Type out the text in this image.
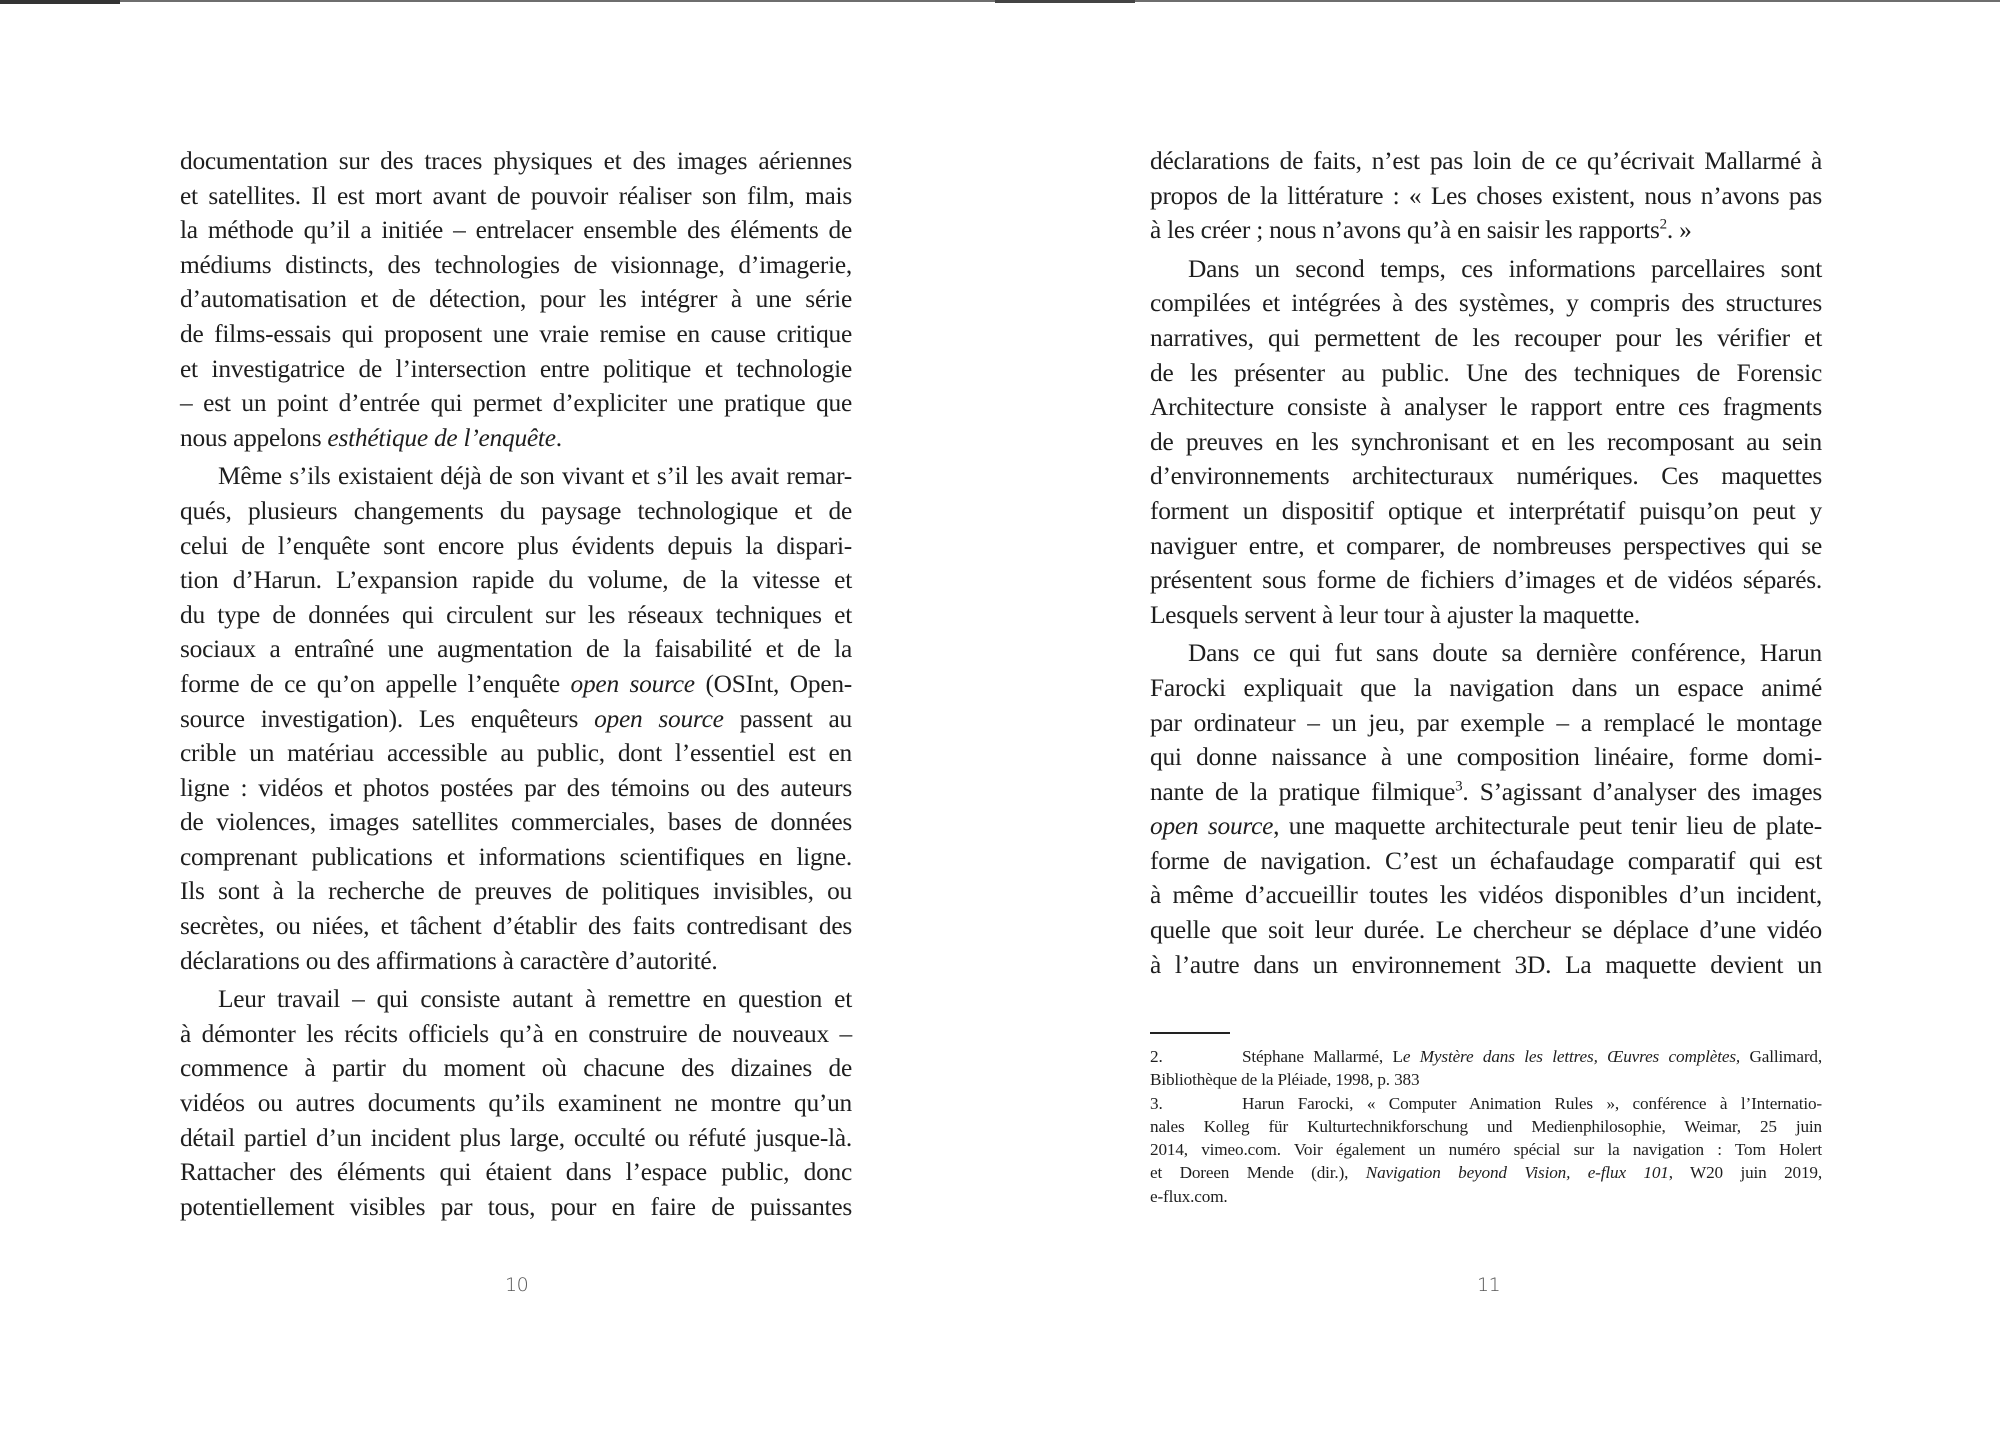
documentation sur des traces physiques et des images aériennes
et satellites. Il est mort avant de pouvoir réaliser son film, mais
la méthode qu’il a initiée – entrelacer ensemble des éléments de
médiums distincts, des technologies de visionnage, d’imagerie,
d’automatisation et de détection, pour les intégrer à une série
de films-essais qui proposent une vraie remise en cause critique
et investigatrice de l’intersection entre politique et technologie
– est un point d’entrée qui permet d’expliciter une pratique que
nous appelons esthétique de l’enquête.
Même s’ils existaient déjà de son vivant et s’il les avait remar-
qués, plusieurs changements du paysage technologique et de
celui de l’enquête sont encore plus évidents depuis la dispari-
tion d’Harun. L’expansion rapide du volume, de la vitesse et
du type de données qui circulent sur les réseaux techniques et
sociaux a entraîné une augmentation de la faisabilité et de la
forme de ce qu’on appelle l’enquête open source (OSInt, Open-
source investigation). Les enquêteurs open source passent au
crible un matériau accessible au public, dont l’essentiel est en
ligne : vidéos et photos postées par des témoins ou des auteurs
de violences, images satellites commerciales, bases de données
comprenant publications et informations scientifiques en ligne.
Ils sont à la recherche de preuves de politiques invisibles, ou
secrètes, ou niées, et tâchent d’établir des faits contredisant des
déclarations ou des affirmations à caractère d’autorité.
Leur travail – qui consiste autant à remettre en question et
à démonter les récits officiels qu’à en construire de nouveaux –
commence à partir du moment où chacune des dizaines de
vidéos ou autres documents qu’ils examinent ne montre qu’un
détail partiel d’un incident plus large, occulté ou réfuté jusque-là.
Rattacher des éléments qui étaient dans l’espace public, donc
potentiellement visibles par tous, pour en faire de puissantes
déclarations de faits, n’est pas loin de ce qu’écrivait Mallarmé à
propos de la littérature : « Les choses existent, nous n’avons pas
à les créer ; nous n’avons qu’à en saisir les rapports$^2$. »
Dans un second temps, ces informations parcellaires sont
compilées et intégrées à des systèmes, y compris des structures
narratives, qui permettent de les recouper pour les vérifier et
de les présenter au public. Une des techniques de Forensic
Architecture consiste à analyser le rapport entre ces fragments
de preuves en les synchronisant et en les recomposant au sein
d’environnements architecturaux numériques. Ces maquettes
forment un dispositif optique et interprétatif puisqu’on peut y
naviguer entre, et comparer, de nombreuses perspectives qui se
présentent sous forme de fichiers d’images et de vidéos séparés.
Lesquels servent à leur tour à ajuster la maquette.
Dans ce qui fut sans doute sa dernière conférence, Harun
Farocki expliquait que la navigation dans un espace animé
par ordinateur – un jeu, par exemple – a remplacé le montage
qui donne naissance à une composition linéaire, forme domi-
nante de la pratique filmique$^3$. S’agissant d’analyser des images
open source, une maquette architecturale peut tenir lieu de plate-
forme de navigation. C’est un échafaudage comparatif qui est
à même d’accueillir toutes les vidéos disponibles d’un incident,
quelle que soit leur durée. Le chercheur se déplace d’une vidéo
à l’autre dans un environnement 3D. La maquette devient un
2.	Stéphane Mallarmé, Le Mystère dans les lettres, Œuvres complètes, Gallimard,
Bibliothèque de la Pléiade, 1998, p. 383
3.	Harun Farocki, « Computer Animation Rules », conférence à l’Internatio-
nales Kolleg für Kulturtechnikforschung und Medienphilosophie, Weimar, 25 juin
2014, vimeo.com. Voir également un numéro spécial sur la navigation : Tom Holert
et Doreen Mende (dir.), Navigation beyond Vision, e-flux 101, W20 juin 2019,
e-flux.com.
10	11
